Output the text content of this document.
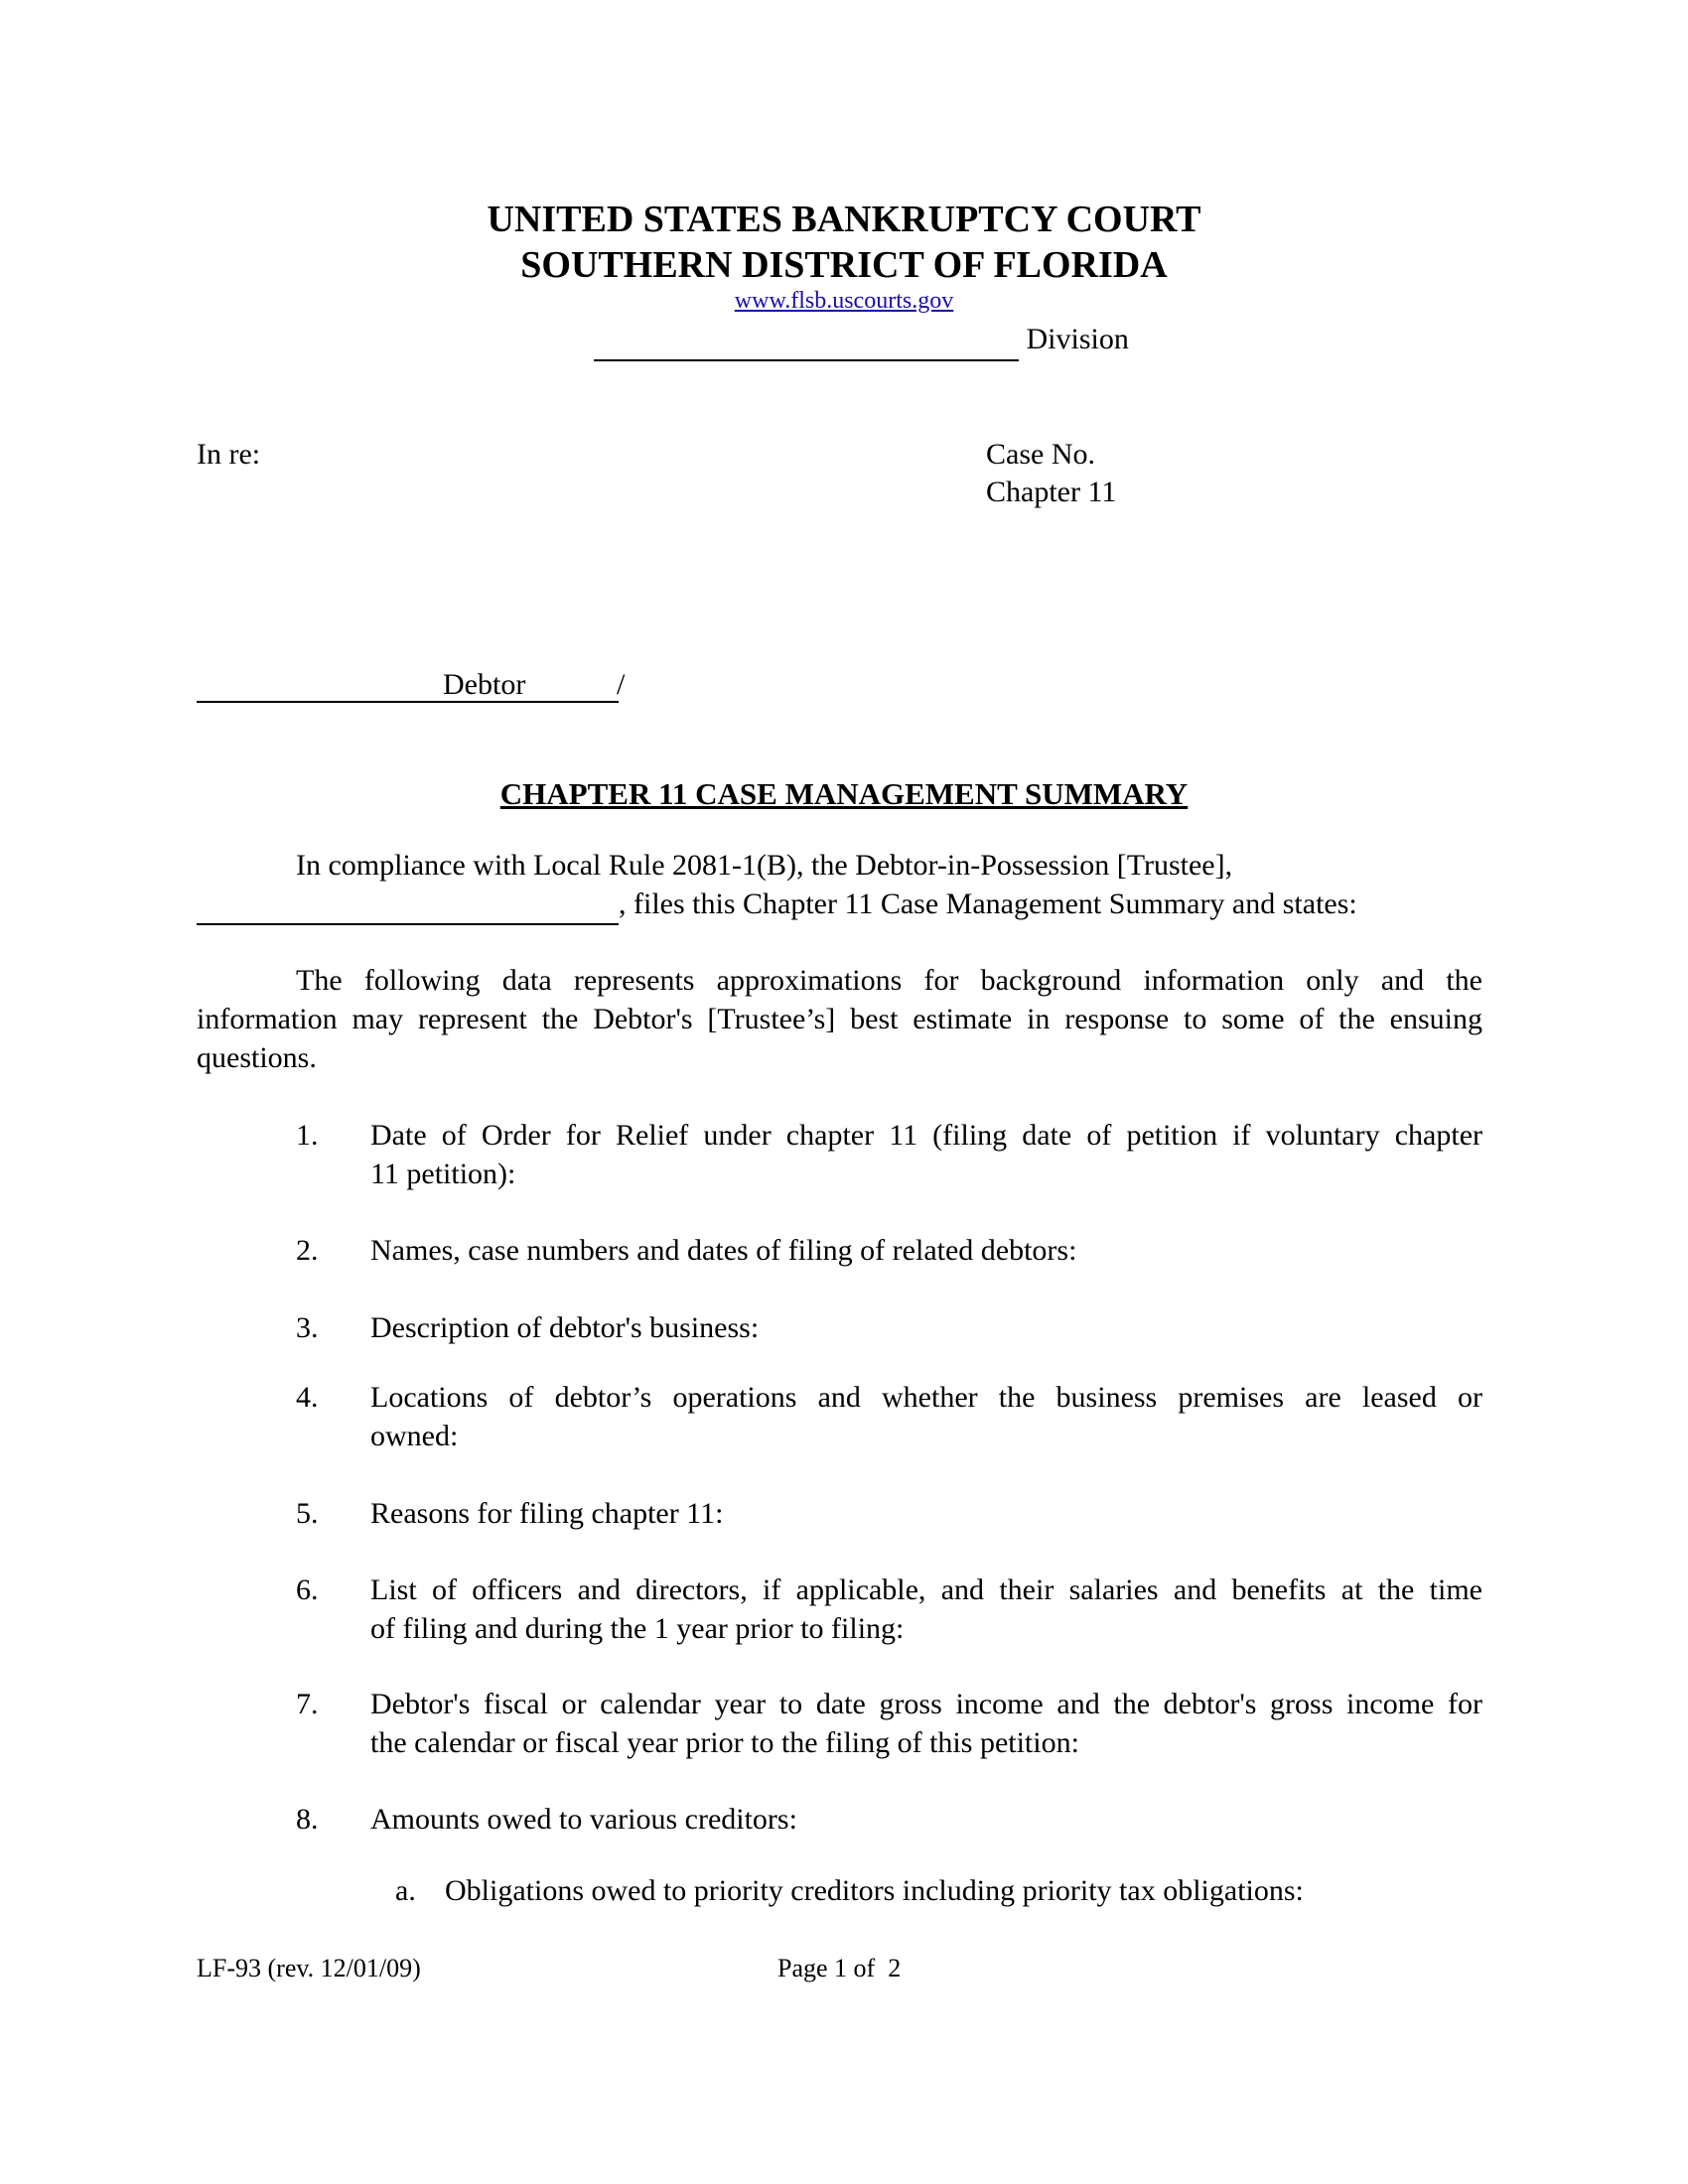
UNITED STATES BANKRUPTCY COURT
SOUTHERN DISTRICT OF FLORIDA
www.flsb.uscourts.gov
Division
In re:	Case No.
Chapter 11
Debtor	/
CHAPTER 11 CASE MANAGEMENT SUMMARY
In compliance with Local Rule 2081-1(B), the Debtor-in-Possession [Trustee],
, files this Chapter 11 Case Management Summary and states:
The following data represents approximations for background information only and the
information may represent the Debtor's [Trustee’s] best estimate in response to some of the ensuing
questions.
1. Date of Order for Relief under chapter 11 (filing date of petition if voluntary chapter
11 petition):
2. Names, case numbers and dates of filing of related debtors:
3. Description of debtor's business:
4. Locations of debtor’s operations and whether the business premises are leased or
owned:
5. Reasons for filing chapter 11:
6. List of officers and directors, if applicable, and their salaries and benefits at the time
of filing and during the 1 year prior to filing:
7. Debtor's fiscal or calendar year to date gross income and the debtor's gross income for
the calendar or fiscal year prior to the filing of this petition:
8. Amounts owed to various creditors:
a. Obligations owed to priority creditors including priority tax obligations:
LF-93 (rev. 12/01/09)	Page 1 of  2
